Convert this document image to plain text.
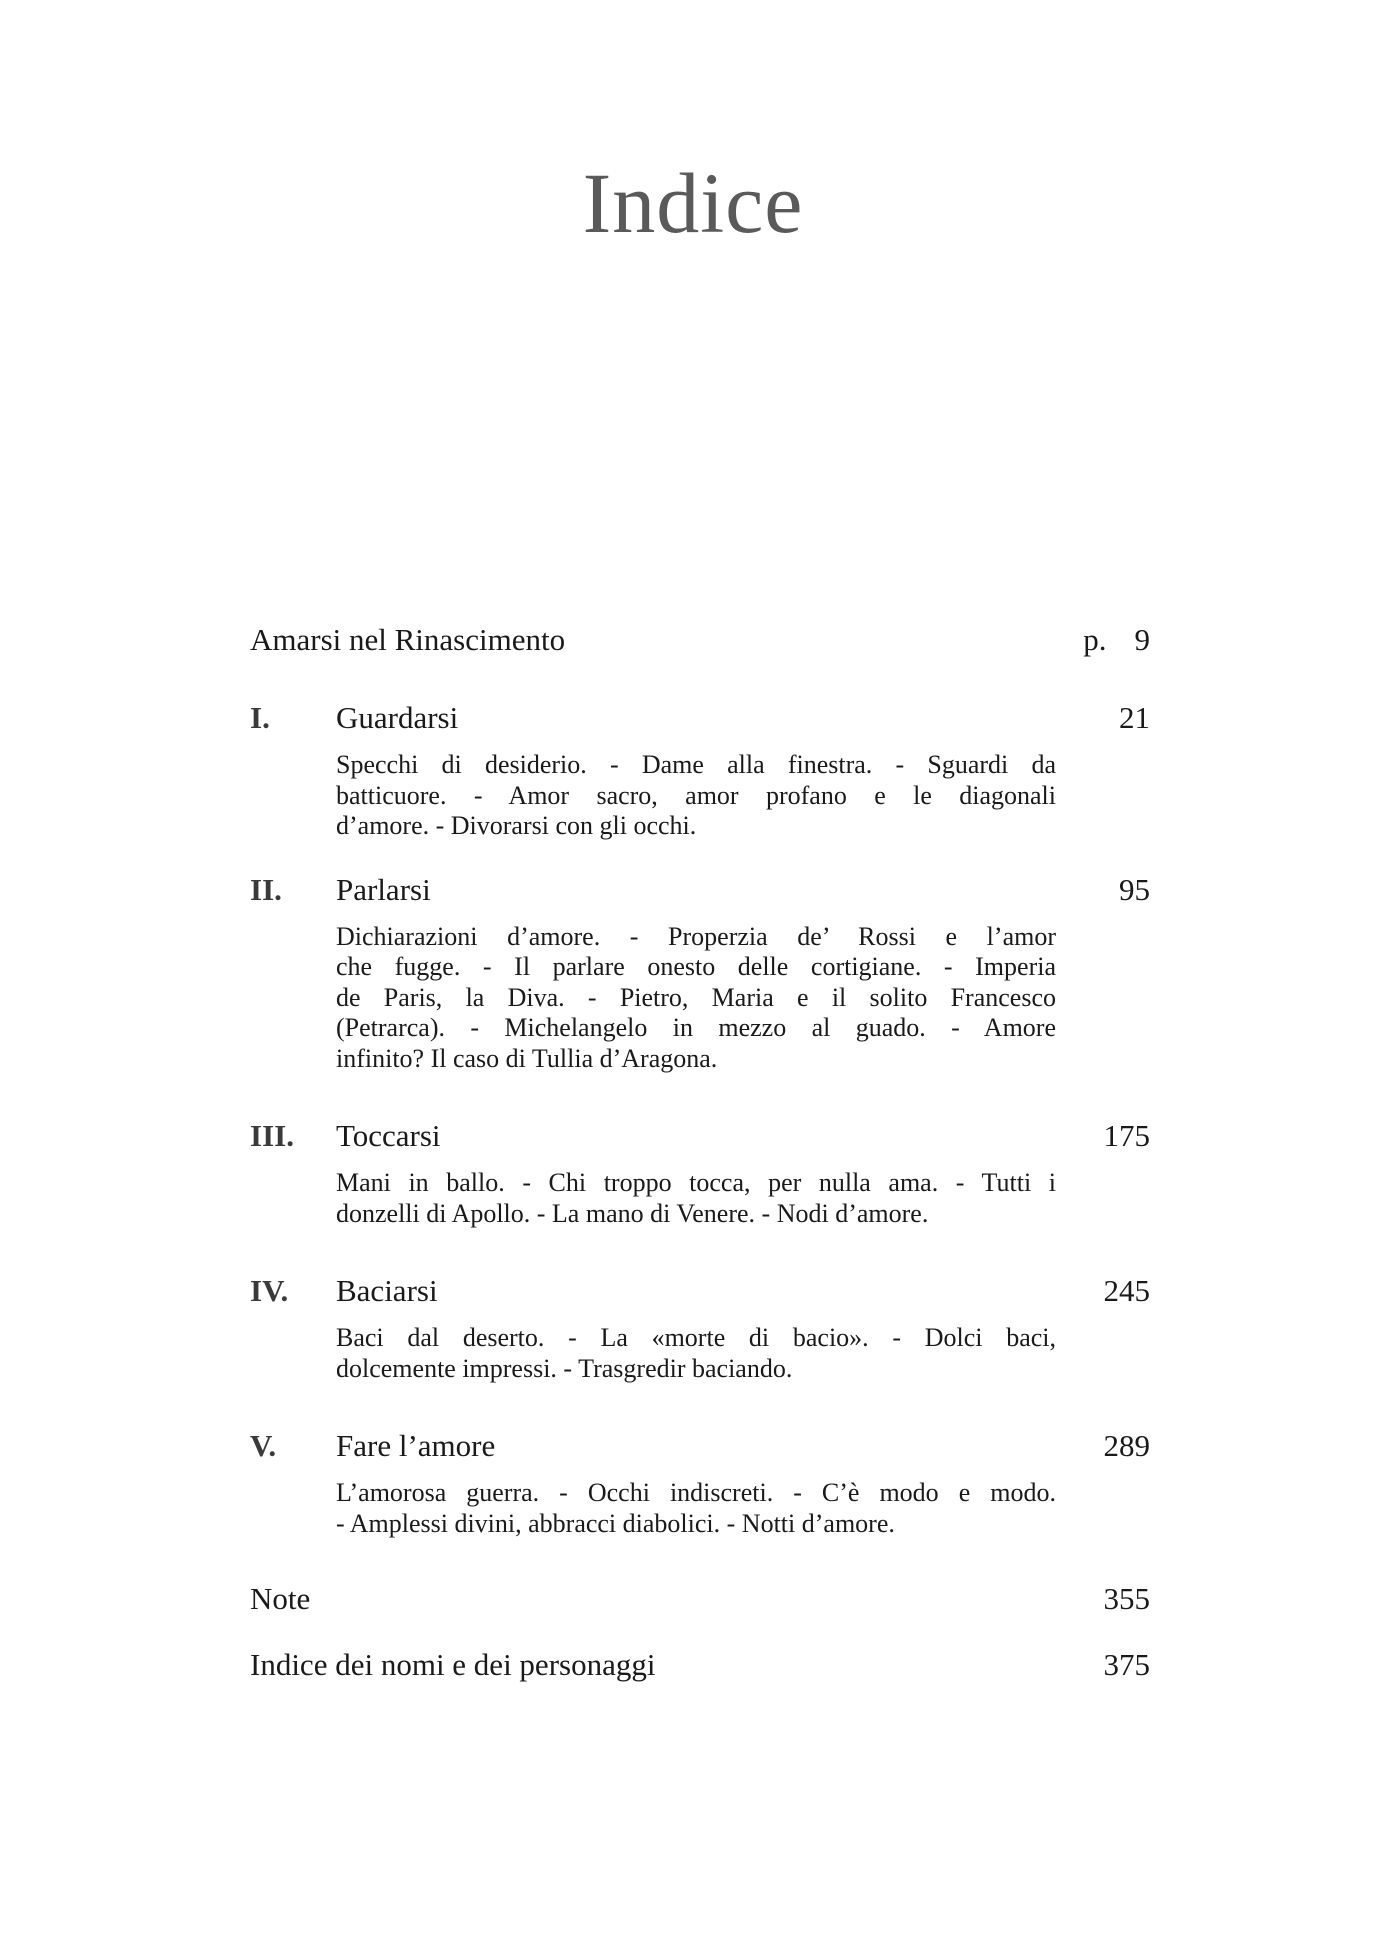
Indice
Amarsi nel Rinascimento	p. 9
I. Guardarsi	21
Specchi di desiderio. - Dame alla finestra. - Sguardi da
batticuore. - Amor sacro, amor profano e le diagonali
d’amore. - Divorarsi con gli occhi.
II. Parlarsi	95
Dichiarazioni d’amore. - Properzia de’ Rossi e l’amor
che fugge. - Il parlare onesto delle cortigiane. - Imperia
de Paris, la Diva. - Pietro, Maria e il solito Francesco
(Petrarca). - Michelangelo in mezzo al guado. - Amore
infinito? Il caso di Tullia d’Aragona.
III. Toccarsi	175
Mani in ballo. - Chi troppo tocca, per nulla ama. - Tutti i
donzelli di Apollo. - La mano di Venere. - Nodi d’amore.
IV. Baciarsi	245
Baci dal deserto. - La «morte di bacio». - Dolci baci,
dolcemente impressi. - Trasgredir baciando.
V. Fare l’amore	289
L’amorosa guerra. - Occhi indiscreti. - C’è modo e modo.
- Amplessi divini, abbracci diabolici. - Notti d’amore.
Note	355
Indice dei nomi e dei personaggi	375
